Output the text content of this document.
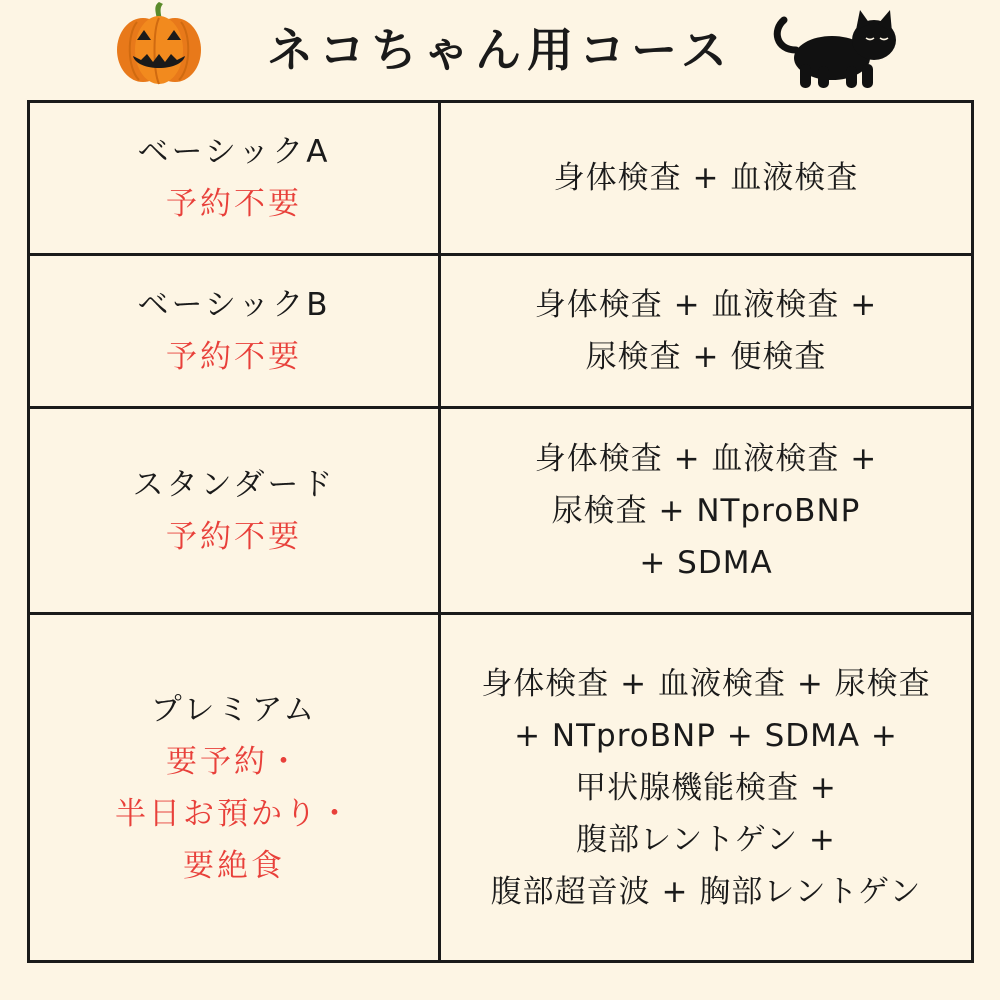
ネコちゃん用コース
ベーシックA
予約不要	身体検査 + 血液検査

ベーシックB
予約不要	身体検査 + 血液検査 +
尿検査 + 便検査

スタンダード
予約不要	身体検査 + 血液検査 +
尿検査 + NTproBNP
+ SDMA

プレミアム
要予約・
半日お預かり・
要絶食	身体検査 + 血液検査 + 尿検査
+ NTproBNP + SDMA +
甲状腺機能検査 +
腹部レントゲン +
腹部超音波 + 胸部レントゲン
